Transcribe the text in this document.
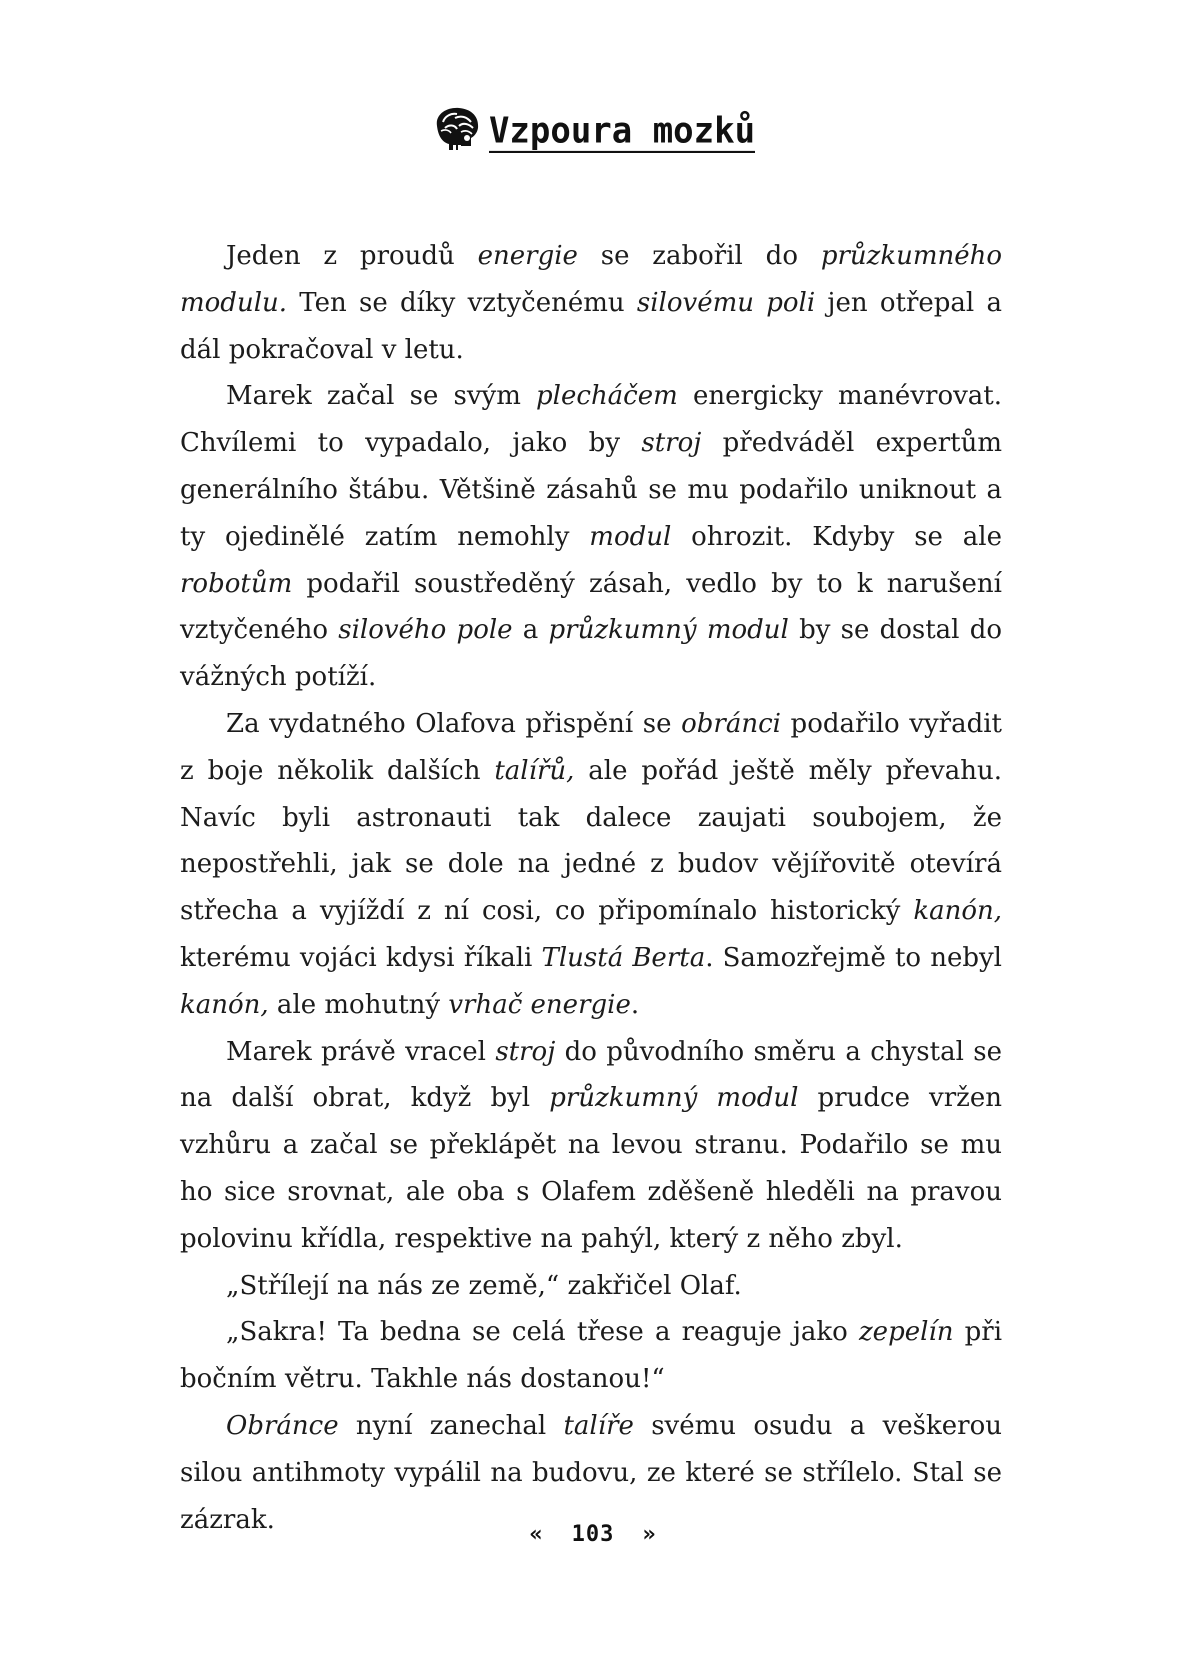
Vzpoura mozků

Jeden z proudů energie se zabořil do průzkumného modulu. Ten se díky vztyčenému silovému poli jen otřepal a dál pokračoval v letu.

Marek začal se svým plecháčem energicky manévrovat. Chvílemi to vypadalo, jako by stroj předváděl expertům generálního štábu. Většině zásahů se mu podařilo uniknout a ty ojedinělé zatím nemohly modul ohrozit. Kdyby se ale robotům podařil soustředěný zásah, vedlo by to k narušení vztyčeného silového pole a průzkumný modul by se dostal do vážných potíží.

Za vydatného Olafova přispění se obránci podařilo vyřadit z boje několik dalších talířů, ale pořád ještě měly převahu. Navíc byli astronauti tak dalece zaujati soubojem, že nepostřehli, jak se dole na jedné z budov vějířovitě otevírá střecha a vyjíždí z ní cosi, co připomínalo historický kanón, kterému vojáci kdysi říkali Tlustá Berta. Samozřejmě to nebyl kanón, ale mohutný vrhač energie.

Marek právě vracel stroj do původního směru a chystal se na další obrat, když byl průzkumný modul prudce vržen vzhůru a začal se překlápět na levou stranu. Podařilo se mu ho sice srovnat, ale oba s Olafem zděšeně hleděli na pravou polovinu křídla, respektive na pahýl, který z něho zbyl.

„Střílejí na nás ze země,“ zakřičel Olaf.

„Sakra! Ta bedna se celá třese a reaguje jako zepelín při bočním větru. Takhle nás dostanou!“

Obránce nyní zanechal talíře svému osudu a veškerou silou antihmoty vypálil na budovu, ze které se střílelo. Stal se zázrak.	« 103 »
